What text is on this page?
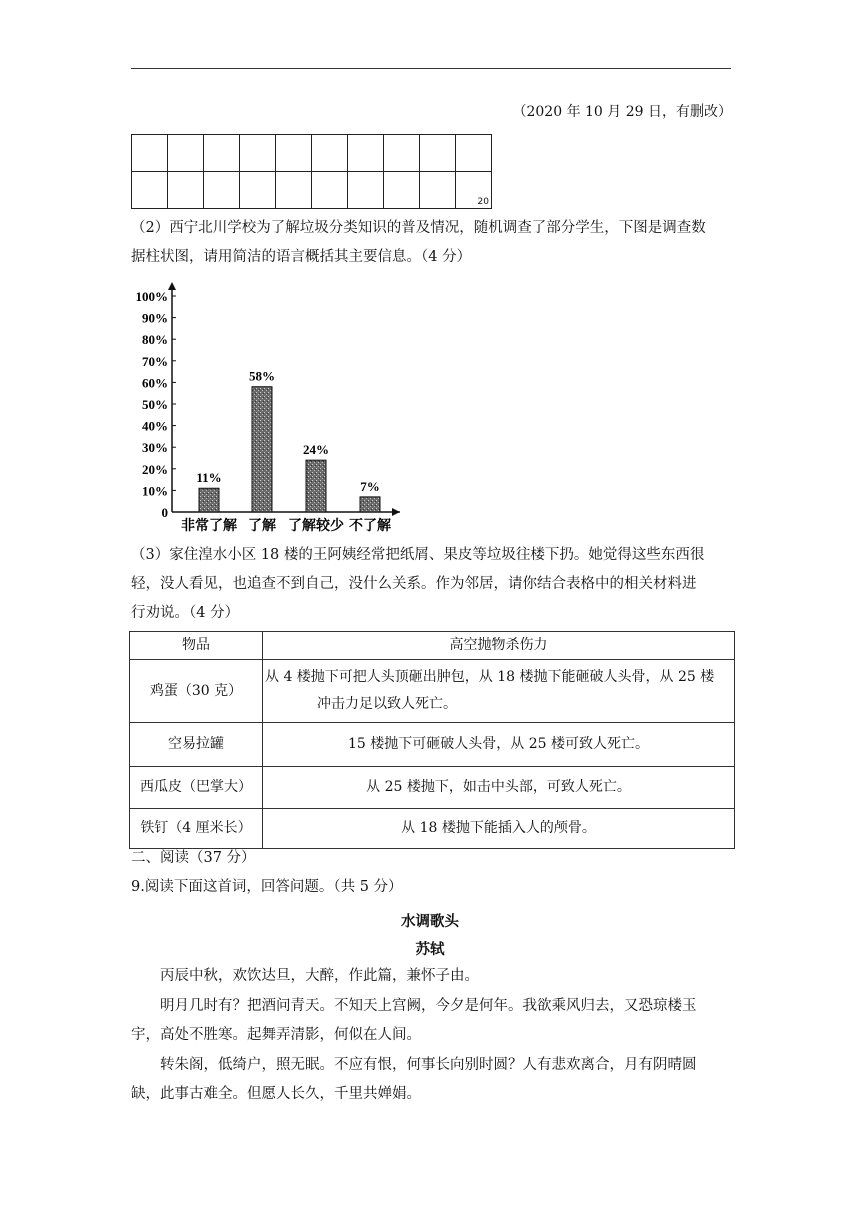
（2020 年 10 月 29 日，有删改）

									20
（2）西宁北川学校为了解垃圾分类知识的普及情况，随机调查了部分学生，下图是调查数
据柱状图，请用简洁的语言概括其主要信息。（4 分）
0
10%
20%
30%
40%
50%
60%
70%
80%
90%
100%
11%
非常了解
58%
了解
24%
了解较少
7%
不了解
（3）家住湟水小区 18 楼的王阿姨经常把纸屑、果皮等垃圾往楼下扔。她觉得这些东西很
轻，没人看见，也追查不到自己，没什么关系。作为邻居，请你结合表格中的相关材料进
行劝说。（4 分）
物品	高空抛物杀伤力
鸡蛋（30 克）	从 4 楼抛下可把人头顶砸出肿包，从 18 楼抛下能砸破人头骨，从 25 楼
冲击力足以致人死亡。

空易拉罐	15 楼抛下可砸破人头骨，从 25 楼可致人死亡。
西瓜皮（巴掌大）	从 25 楼抛下，如击中头部，可致人死亡。
铁钉（4 厘米长）	从 18 楼抛下能插入人的颅骨。
二、阅读（37 分）
9.阅读下面这首词，回答问题。（共 5 分）
水调歌头
苏轼
丙辰中秋，欢饮达旦，大醉，作此篇，兼怀子由。
明月几时有？把酒问青天。不知天上宫阙，今夕是何年。我欲乘风归去，又恐琼楼玉
宇，高处不胜寒。起舞弄清影，何似在人间。
转朱阁，低绮户，照无眠。不应有恨，何事长向别时圆？人有悲欢离合，月有阴晴圆
缺，此事古难全。但愿人长久，千里共婵娟。
